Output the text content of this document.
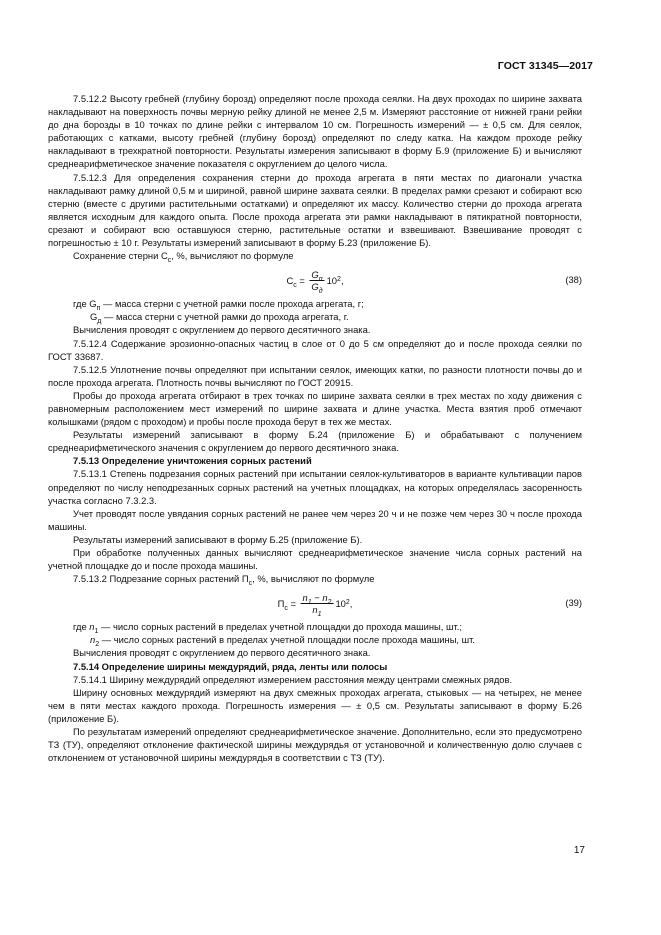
ГОСТ 31345—2017

7.5.12.2 Высоту гребней (глубину борозд) определяют после прохода сеялки. На двух проходах по ширине захвата накладывают на поверхность почвы мерную рейку длиной не менее 2,5 м. Измеряют расстояние от нижней грани рейки до дна борозды в 10 точках по длине рейки с интервалом 10 см. Погрешность измерений — ± 0,5 см. Для сеялок, работающих с катками, высоту гребней (глубину борозд) определяют по следу катка. На каждом проходе рейку накладывают в трехкратной повторности. Результаты измерения записывают в форму Б.9 (приложение Б) и вычисляют среднеарифметическое значение показателя с округлением до целого числа.

7.5.12.3 Для определения сохранения стерни до прохода агрегата в пяти местах по диагонали участка накладывают рамку длиной 0,5 м и шириной, равной ширине захвата сеялки. В пределах рамки срезают и собирают всю стерню (вместе с другими растительными остатками) и определяют их массу. Количество стерни до прохода агрегата является исходным для каждого опыта. После прохода агрегата эти рамки накладывают в пятикратной повторности, срезают и собирают всю оставшуюся стерню, растительные остатки и взвешивают. Взвешивание проводят с погрешностью ± 10 г. Результаты измерений записывают в форму Б.23 (приложение Б).

Сохранение стерни $С_с$, %, вычисляют по формуле

$С_с = \frac{G_п}{G_д} 10$ 2 ,	(38)

где $G_п$ — масса стерни с учетной рамки после прохода агрегата, г;

$G_д$ — масса стерни с учетной рамки до прохода агрегата, г.

Вычисления проводят с округлением до первого десятичного знака.

7.5.12.4 Содержание эрозионно-опасных частиц в слое от 0 до 5 см определяют до и после прохода сеялки по ГОСТ 33687.

7.5.12.5 Уплотнение почвы определяют при испытании сеялок, имеющих катки, по разности плотности почвы до и после прохода агрегата. Плотность почвы вычисляют по ГОСТ 20915.

Пробы до прохода агрегата отбирают в трех точках по ширине захвата сеялки в трех местах по ходу движения с равномерным расположением мест измерений по ширине захвата и длине участка. Места взятия проб отмечают колышками (рядом с проходом) и пробы после прохода берут в тех же местах.

Результаты измерений записывают в форму Б.24 (приложение Б) и обрабатывают с получением среднеарифметического значения с округлением до первого десятичного знака.

7.5.13 Определение уничтожения сорных растений

7.5.13.1 Степень подрезания сорных растений при испытании сеялок-культиваторов в варианте культивации паров определяют по числу неподрезанных сорных растений на учетных площадках, на которых определялась засоренность участка согласно 7.3.2.3.

Учет проводят после увядания сорных растений не ранее чем через 20 ч и не позже чем через 30 ч после прохода машины.

Результаты измерений записывают в форму Б.25 (приложение Б).

При обработке полученных данных вычисляют среднеарифметическое значение числа сорных растений на учетной площадке до и после прохода машины.

7.5.13.2 Подрезание сорных растений $П_с$, %, вычисляют по формуле

$П_с = \frac{n_1 - n_2}{n_1} 10$ 2 ,	(39)

где $n_1$ — число сорных растений в пределах учетной площадки до прохода машины, шт.;

$n_2$ — число сорных растений в пределах учетной площадки после прохода машины, шт.

Вычисления проводят с округлением до первого десятичного знака.

7.5.14 Определение ширины междурядий, ряда, ленты или полосы

7.5.14.1 Ширину междурядий определяют измерением расстояния между центрами смежных рядов.

Ширину основных междурядий измеряют на двух смежных проходах агрегата, стыковых — на четырех, не менее чем в пяти местах каждого прохода. Погрешность измерения — ± 0,5 см. Результаты записывают в форму Б.26 (приложение Б).

По результатам измерений определяют среднеарифметическое значение. Дополнительно, если это предусмотрено ТЗ (ТУ), определяют отклонение фактической ширины междурядья от установочной и количественную долю случаев с отклонением от установочной ширины междурядья в соответствии с ТЗ (ТУ).

17
